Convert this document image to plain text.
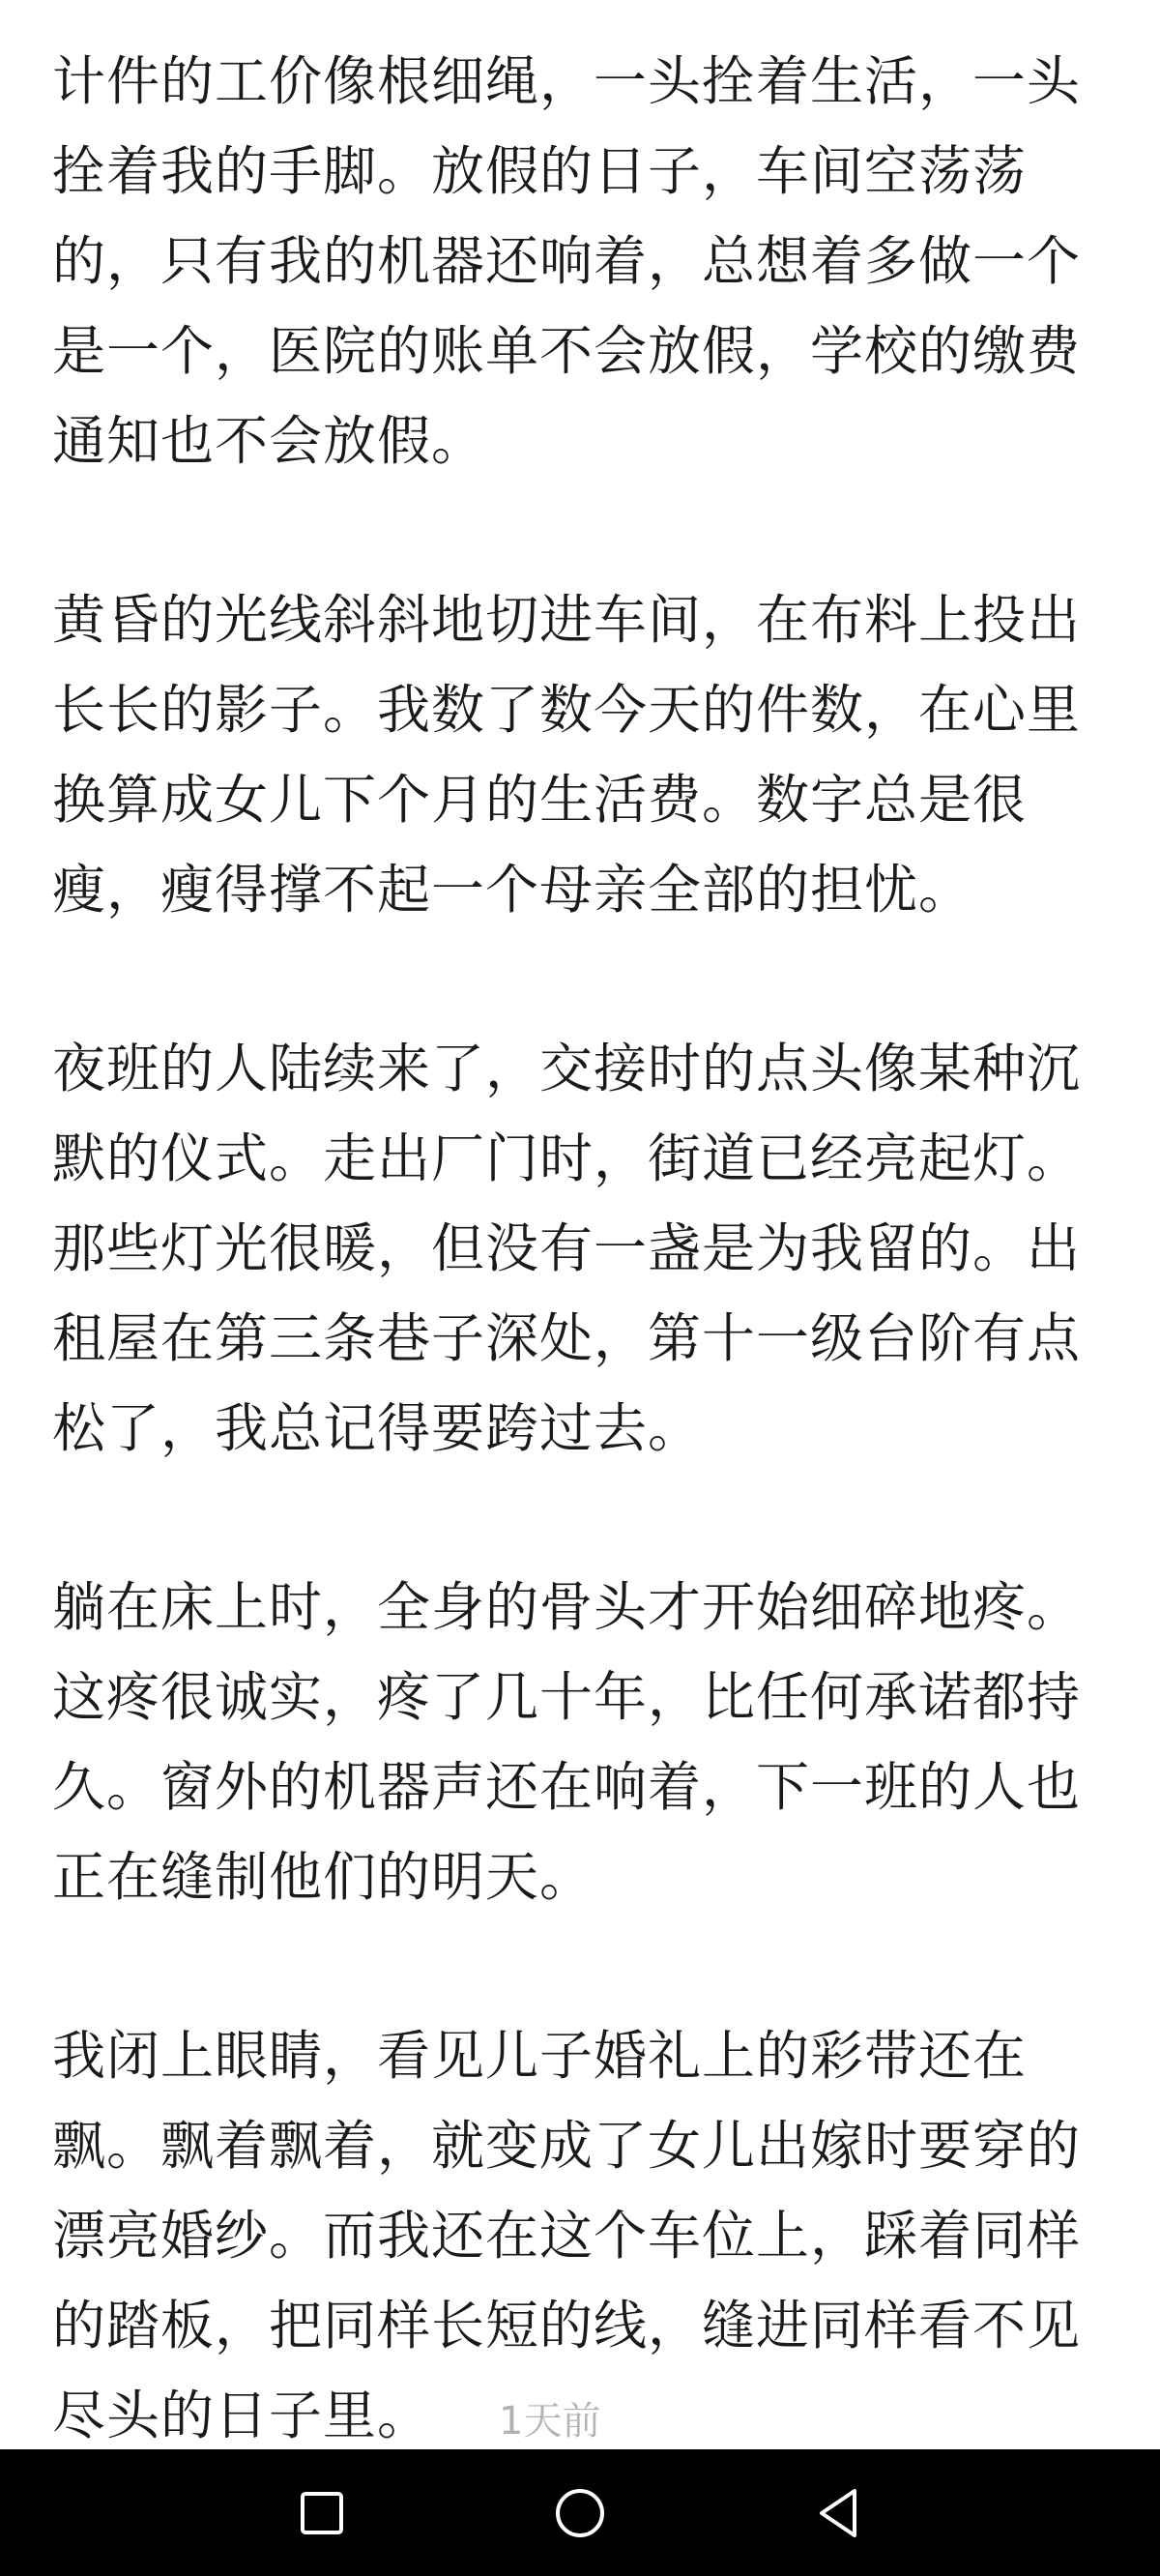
计件的工价像根细绳，一头拴着生活，一头拴着我的手脚。放假的日子，车间空荡荡的，只有我的机器还响着，总想着多做一个是一个，医院的账单不会放假，学校的缴费通知也不会放假。

黄昏的光线斜斜地切进车间，在布料上投出长长的影子。我数了数今天的件数，在心里换算成女儿下个月的生活费。数字总是很瘦，瘦得撑不起一个母亲全部的担忧。

夜班的人陆续来了，交接时的点头像某种沉默的仪式。走出厂门时，街道已经亮起灯。那些灯光很暖，但没有一盏是为我留的。出租屋在第三条巷子深处，第十一级台阶有点松了，我总记得要跨过去。

躺在床上时，全身的骨头才开始细碎地疼。这疼很诚实，疼了几十年，比任何承诺都持久。窗外的机器声还在响着，下一班的人也正在缝制他们的明天。

我闭上眼睛，看见儿子婚礼上的彩带还在飘。飘着飘着，就变成了女儿出嫁时要穿的漂亮婚纱。而我还在这个车位上，踩着同样的踏板，把同样长短的线，缝进同样看不见尽头的日子里。 1天前
